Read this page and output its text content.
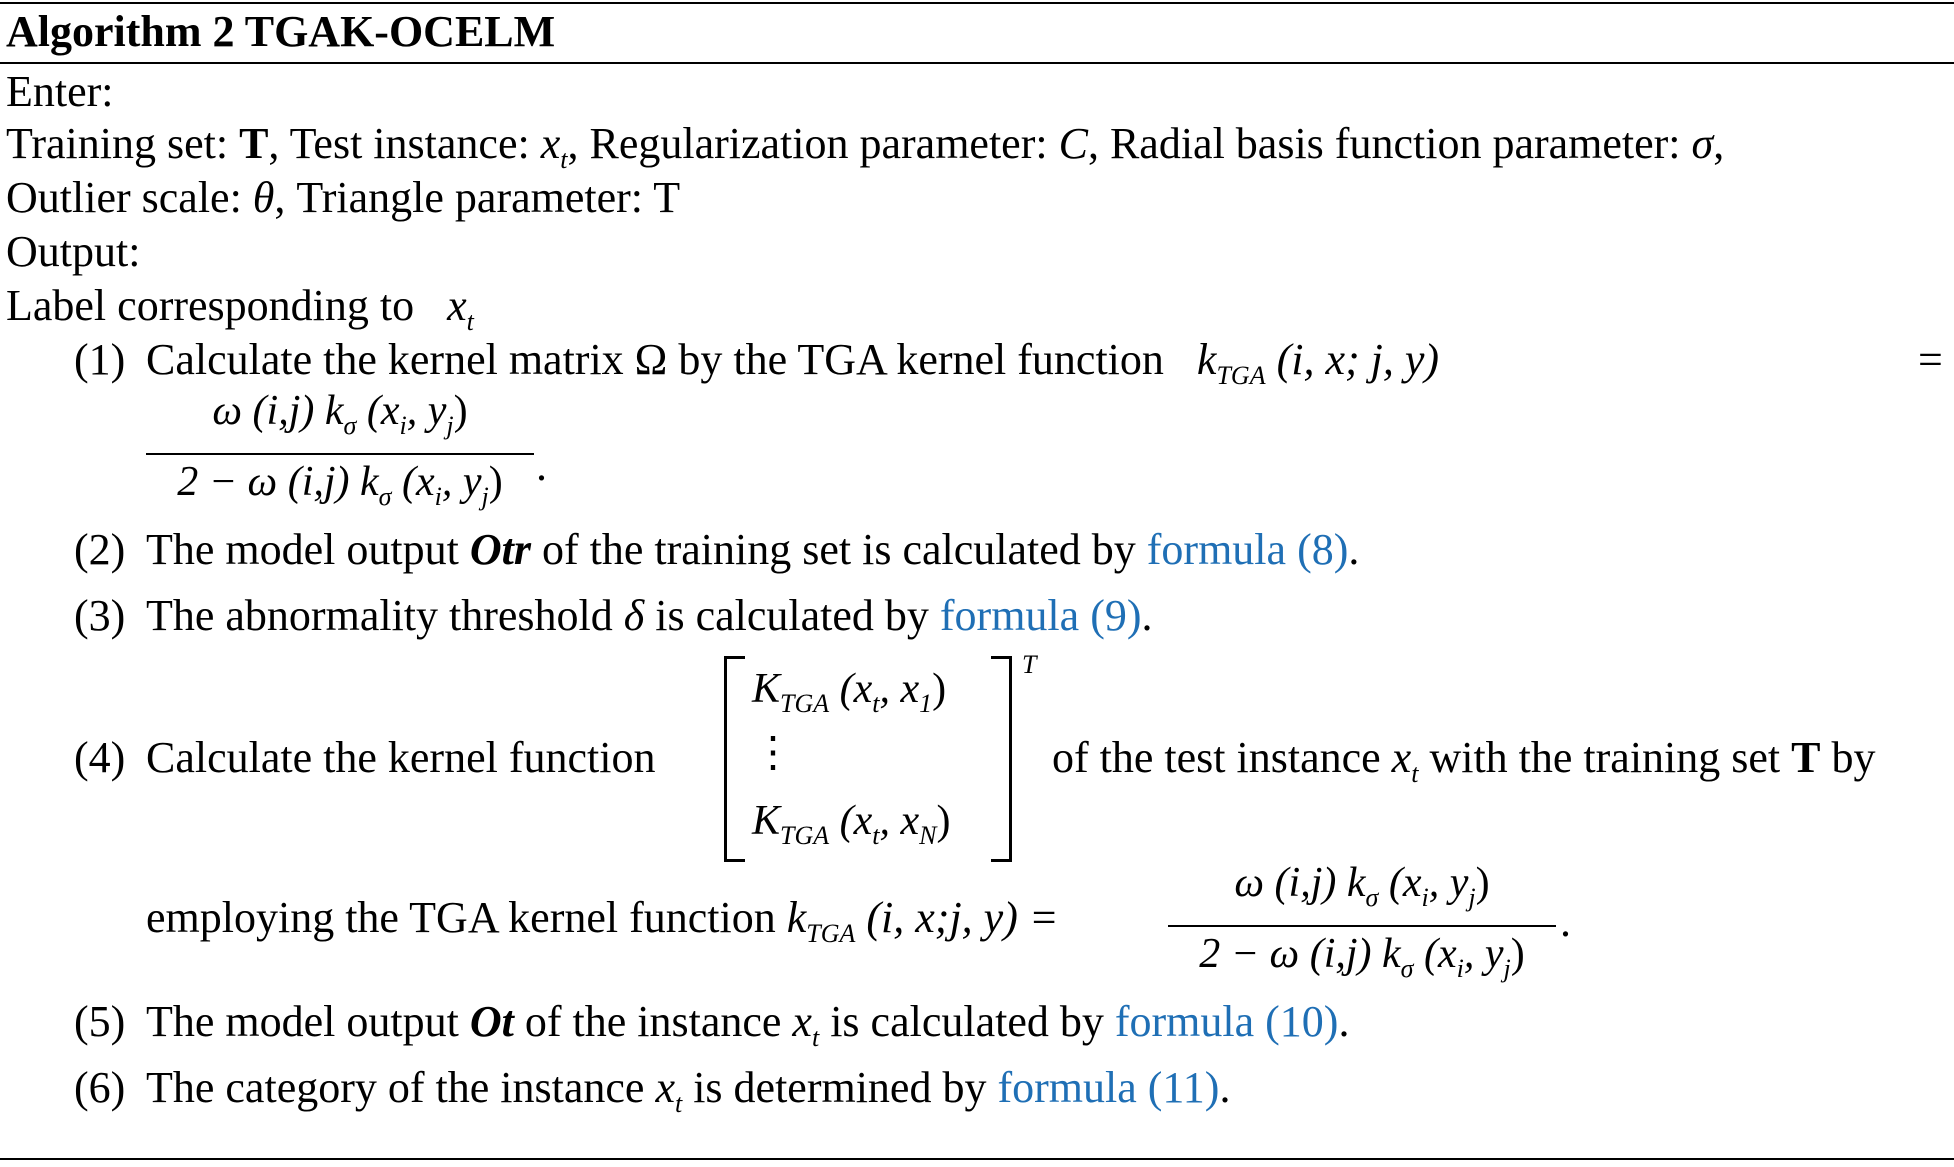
Algorithm 2 TGAK-OCELM
Enter:
Training set: T, Test instance: $x_t$, Regularization parameter: C, Radial basis function parameter: σ,
Outlier scale: θ, Triangle parameter: T
Output:
Label corresponding to $x_t$
(1) Calculate the kernel matrix Ω by the TGA kernel function $k_{TGA}$ (i, x; j, y)	=
ω (i,j) $k_\sigma$ ($x_i$, $y_j$)
2 − ω (i,j) $k_\sigma$ ($x_i$, $y_j$) .
(2) The model output Otr of the training set is calculated by formula (8).
(3) The abnormality threshold δ is calculated by formula (9).
(4) Calculate the kernel function
$K_{TGA}$ ($x_t$, $x_1$)
⋮
$K_{TGA}$ ($x_t$, $x_N$)
T
of the test instance $x_t$ with the training set T by
employing the TGA kernel function $k_{TGA}$ (i, x;j, y) =
ω (i,j) $k_\sigma$ ($x_i$, $y_j$)
2 − ω (i,j) $k_\sigma$ ($x_i$, $y_j$)
.
(5) The model output Ot of the instance $x_t$ is calculated by formula (10).
(6) The category of the instance $x_t$ is determined by formula (11).
